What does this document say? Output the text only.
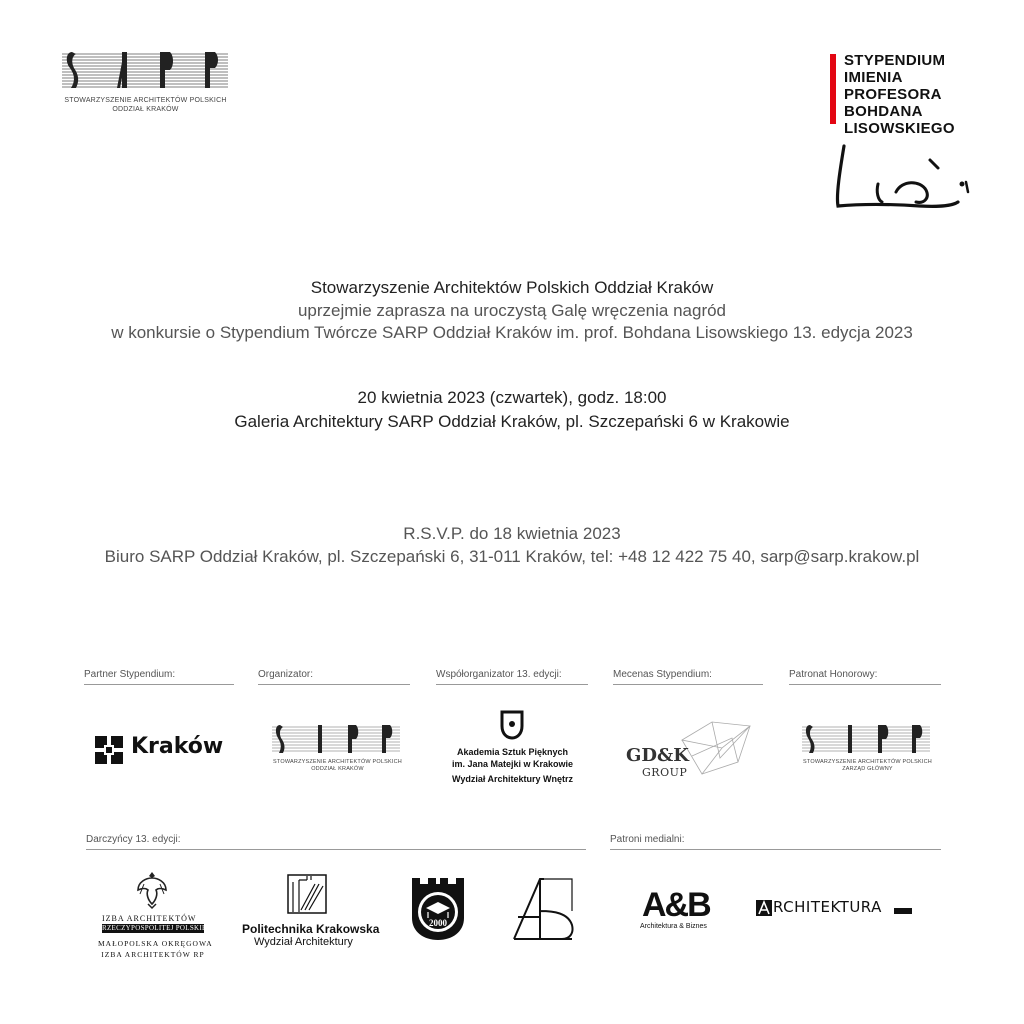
STOWARZYSZENIE ARCHITEKTÓW POLSKICH
ODDZIAŁ KRAKÓW
STYPENDIUM
IMIENIA
PROFESORA
BOHDANA
LISOWSKIEGO
Stowarzyszenie Architektów Polskich Oddział Kraków
uprzejmie zaprasza na uroczystą Galę wręczenia nagród
w konkursie o Stypendium Twórcze SARP Oddział Kraków im. prof. Bohdana Lisowskiego 13. edycja 2023
20 kwietnia 2023 (czwartek), godz. 18:00
Galeria Architektury SARP Oddział Kraków, pl. Szczepański 6 w Krakowie
R.S.V.P. do 18 kwietnia 2023
Biuro SARP Oddział Kraków, pl. Szczepański 6, 31-011 Kraków, tel: +48 12 422 75 40, sarp@sarp.krakow.pl
Partner Stypendium:	Organizator:	Współorganizator 13. edycji:	Mecenas Stypendium:	Patronat Honorowy:
Kraków
STOWARZYSZENIE ARCHITEKTÓW POLSKICH
ODDZIAŁ KRAKÓW
Akademia Sztuk Pięknych
im. Jana Matejki w Krakowie
Wydział Architektury Wnętrz
GD&K
GROUP
STOWARZYSZENIE ARCHITEKTÓW POLSKICH
ZARZĄD GŁÓWNY
Darczyńcy 13. edycji:	Patroni medialni:
IZBA ARCHITEKTÓW
RZECZYPOSPOLITEJ POLSKIEJ
MAŁOPOLSKA OKRĘGOWA
IZBA ARCHITEKTÓW RP
Politechnika Krakowska
Wydział Architektury
2000	A&B
Architektura & Biznes
RCHITEKTURA
